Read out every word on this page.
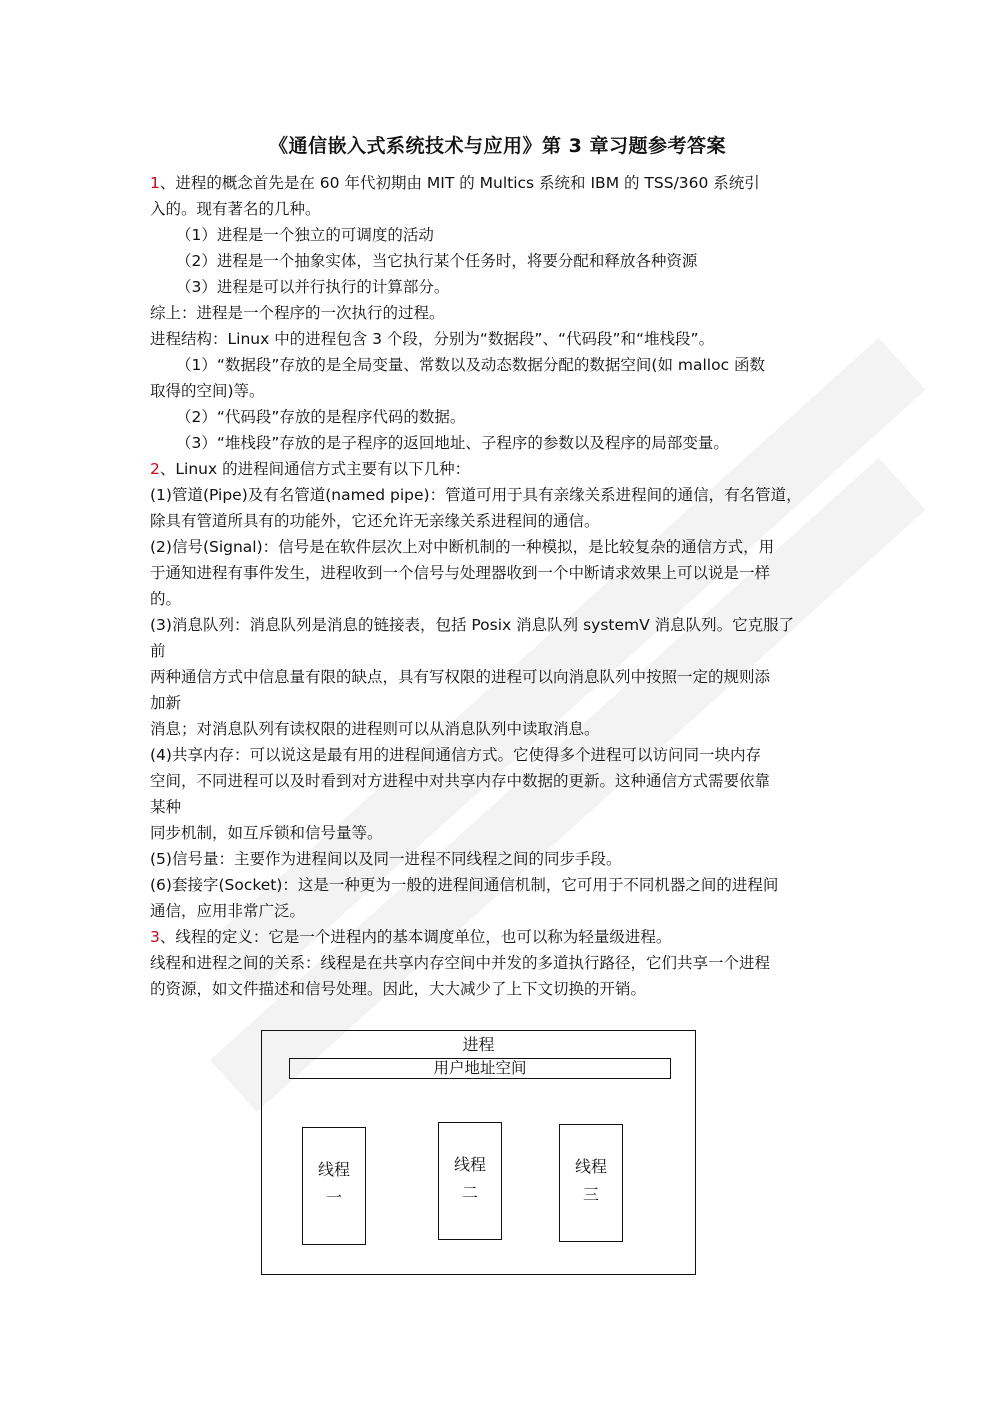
《通信嵌入式系统技术与应用》第 3 章习题参考答案

1、进程的概念首先是在 60 年代初期由 MIT 的 Multics 系统和 IBM 的 TSS/360 系统引

入的。现有著名的几种。

（1）进程是一个独立的可调度的活动

（2）进程是一个抽象实体，当它执行某个任务时，将要分配和释放各种资源

（3）进程是可以并行执行的计算部分。

综上：进程是一个程序的一次执行的过程。

进程结构：Linux 中的进程包含 3 个段，分别为“数据段”、“代码段”和“堆栈段”。

（1）“数据段”存放的是全局变量、常数以及动态数据分配的数据空间(如 malloc 函数

取得的空间)等。

（2）“代码段”存放的是程序代码的数据。

（3）“堆栈段”存放的是子程序的返回地址、子程序的参数以及程序的局部变量。

2、Linux 的进程间通信方式主要有以下几种：

(1)管道(Pipe)及有名管道(named pipe)：管道可用于具有亲缘关系进程间的通信，有名管道，

除具有管道所具有的功能外，它还允许无亲缘关系进程间的通信。

(2)信号(Signal)：信号是在软件层次上对中断机制的一种模拟，是比较复杂的通信方式，用

于通知进程有事件发生，进程收到一个信号与处理器收到一个中断请求效果上可以说是一样

的。

(3)消息队列：消息队列是消息的链接表，包括 Posix 消息队列 systemV 消息队列。它克服了

前

两种通信方式中信息量有限的缺点，具有写权限的进程可以向消息队列中按照一定的规则添

加新

消息；对消息队列有读权限的进程则可以从消息队列中读取消息。

(4)共享内存：可以说这是最有用的进程间通信方式。它使得多个进程可以访问同一块内存

空间，不同进程可以及时看到对方进程中对共享内存中数据的更新。这种通信方式需要依靠

某种

同步机制，如互斥锁和信号量等。

(5)信号量：主要作为进程间以及同一进程不同线程之间的同步手段。

(6)套接字(Socket)：这是一种更为一般的进程间通信机制，它可用于不同机器之间的进程间

通信，应用非常广泛。

3、线程的定义：它是一个进程内的基本调度单位，也可以称为轻量级进程。

线程和进程之间的关系：线程是在共享内存空间中并发的多道执行路径，它们共享一个进程

的资源，如文件描述和信号处理。因此，大大减少了上下文切换的开销。

进程
用户地址空间
线程
一
线程
二
线程
三
